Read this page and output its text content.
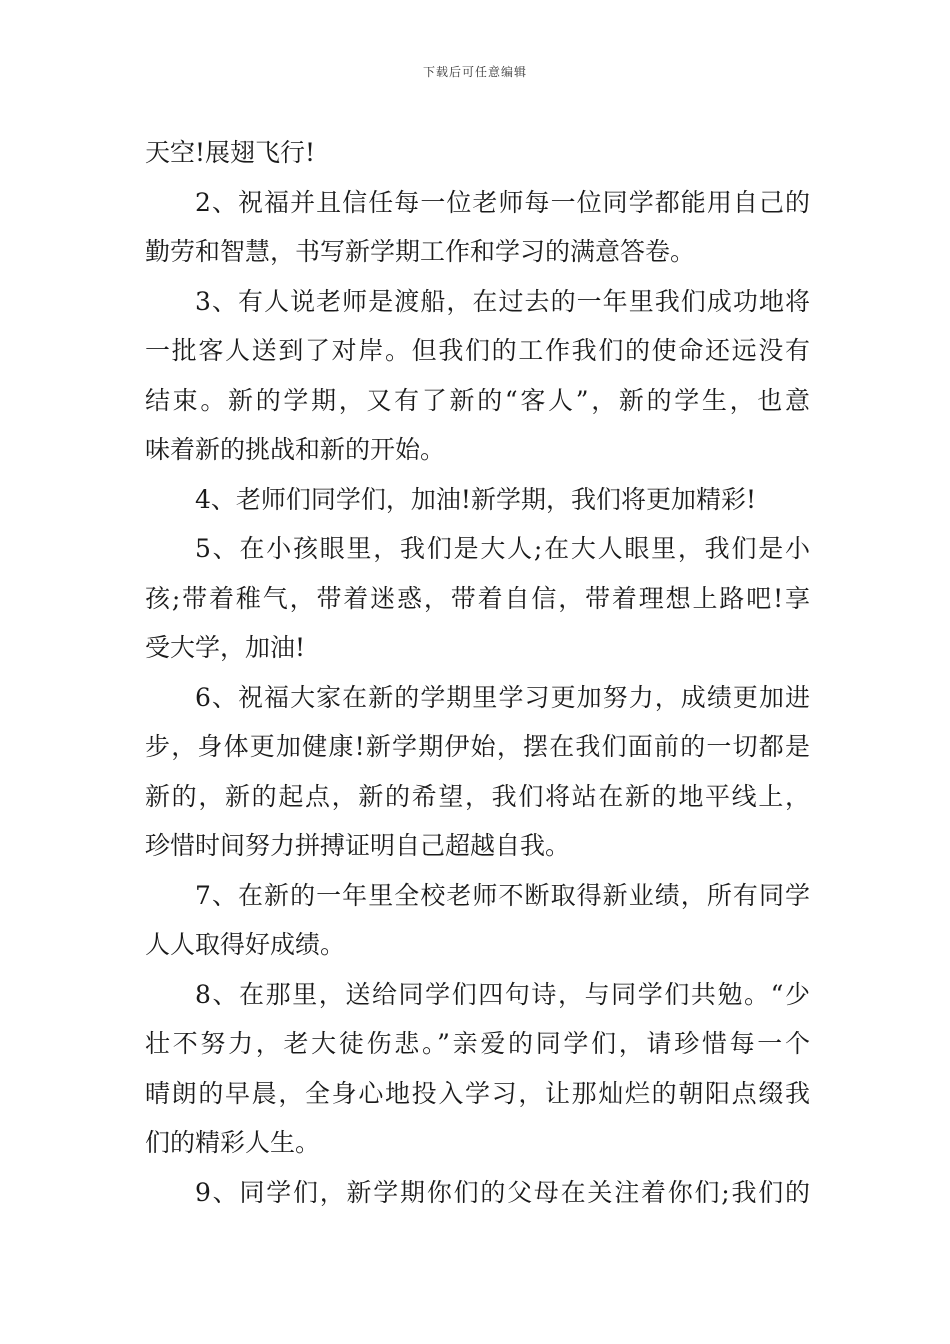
下载后可任意编辑
天空!展翅飞行!
2、祝福并且信任每一位老师每一位同学都能用自己的
勤劳和智慧，书写新学期工作和学习的满意答卷。
3、有人说老师是渡船，在过去的一年里我们成功地将
一批客人送到了对岸。但我们的工作我们的使命还远没有
结束。新的学期，又有了新的“客人”，新的学生，也意
味着新的挑战和新的开始。
4、老师们同学们，加油!新学期，我们将更加精彩!
5、在小孩眼里，我们是大人;在大人眼里，我们是小
孩;带着稚气，带着迷惑，带着自信，带着理想上路吧!享
受大学，加油!
6、祝福大家在新的学期里学习更加努力，成绩更加进
步，身体更加健康!新学期伊始，摆在我们面前的一切都是
新的，新的起点，新的希望，我们将站在新的地平线上，
珍惜时间努力拼搏证明自己超越自我。
7、在新的一年里全校老师不断取得新业绩，所有同学
人人取得好成绩。
8、在那里，送给同学们四句诗，与同学们共勉。“少
壮不努力，老大徒伤悲。”亲爱的同学们，请珍惜每一个
晴朗的早晨，全身心地投入学习，让那灿烂的朝阳点缀我
们的精彩人生。
9、同学们，新学期你们的父母在关注着你们;我们的
